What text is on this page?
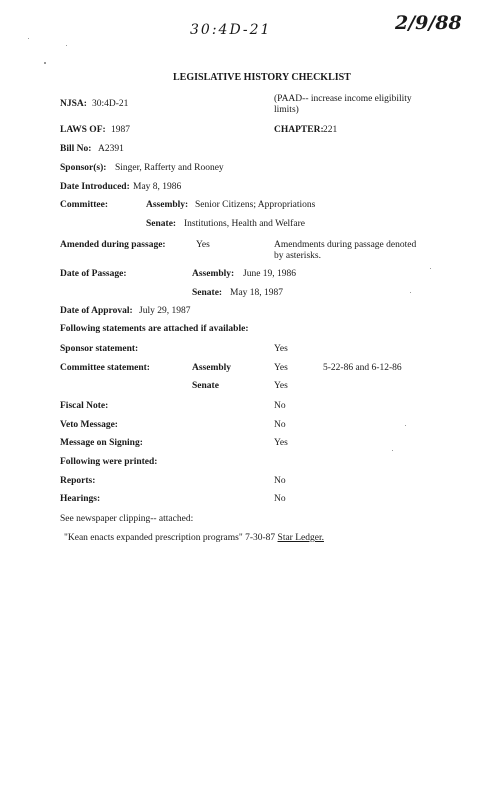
30:4D-21	2/9/88
LEGISLATIVE HISTORY CHECKLIST
NJSA: 30:4D-21	(PAAD-- increase income eligibility
limits)
LAWS OF: 1987	CHAPTER: 221
Bill No: A2391
Sponsor(s): Singer, Rafferty and Rooney
Date Introduced: May 8, 1986
Committee:	Assembly: Senior Citizens; Appropriations
Senate: Institutions, Health and Welfare
Amended during passage:	Yes	Amendments during passage denoted
by asterisks.
Date of Passage:	Assembly: June 19, 1986
Senate: May 18, 1987
Date of Approval: July 29, 1987
Following statements are attached if available:
Sponsor statement:	Yes
Committee statement:	Assembly	Yes	5-22-86 and 6-12-86
Senate	Yes
Fiscal Note:	No
Veto Message:	No
Message on Signing:	Yes
Following were printed:
Reports:	No
Hearings:	No
See newspaper clipping-- attached:
"Kean enacts expanded prescription programs" 7-30-87 Star Ledger.
